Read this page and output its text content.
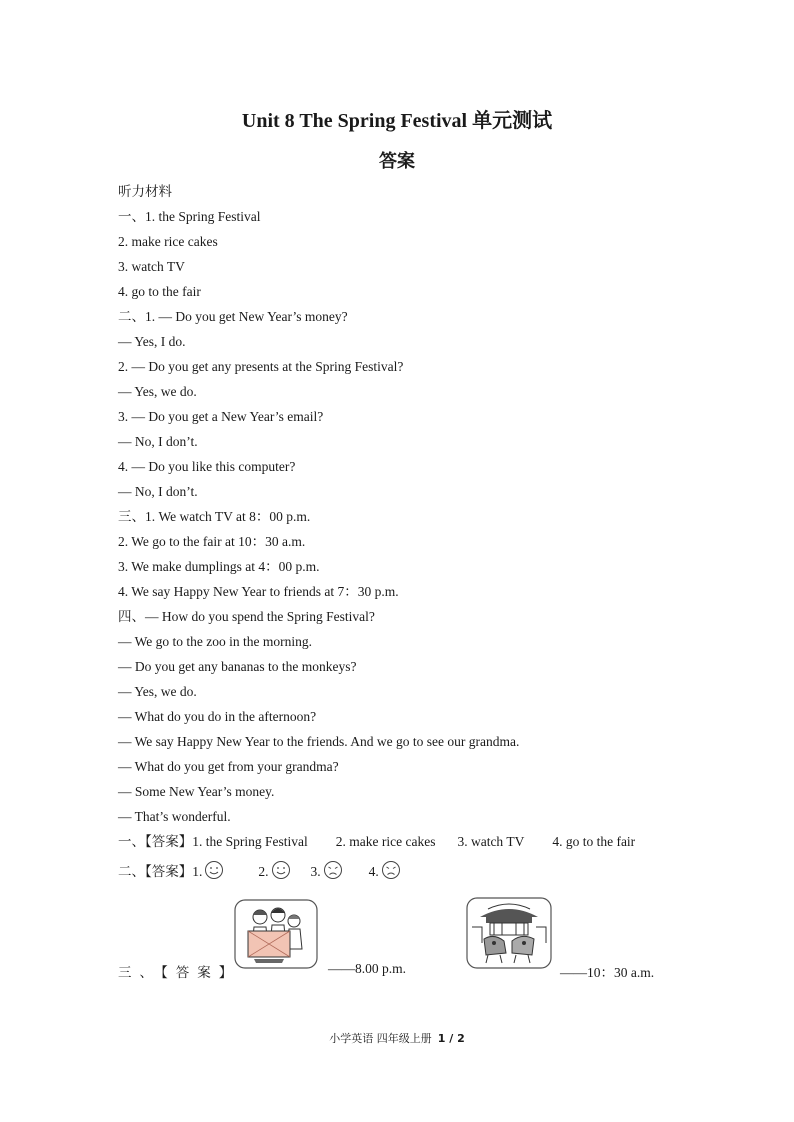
Unit 8 The Spring Festival 单元测试
答案
听力材料
一、1. the Spring Festival
2. make rice cakes
3. watch TV
4. go to the fair
二、1. — Do you get New Year’s money?
— Yes, I do.
2. — Do you get any presents at the Spring Festival?
— Yes, we do.
3. — Do you get a New Year’s email?
— No, I don’t.
4. — Do you like this computer?
— No, I don’t.
三、1. We watch TV at 8：00 p.m.
2. We go to the fair at 10：30 a.m.
3. We make dumplings at 4：00 p.m.
4. We say Happy New Year to friends at 7：30 p.m.
四、— How do you spend the Spring Festival?
— We go to the zoo in the morning.
— Do you get any bananas to the monkeys?
— Yes, we do.
— What do you do in the afternoon?
— We say Happy New Year to the friends. And we go to see our grandma.
— What do you get from your grandma?
— Some New Year’s money.
— That’s wonderful.
一、【答案】1. the Spring Festival 2. make rice cakes 3. watch TV 4. go to the fair
二、【答案】1.	2.	3.	4.
三、【答案】	——8.00 p.m.	——10：30 a.m.
小学英语 四年级上册 1 / 2
